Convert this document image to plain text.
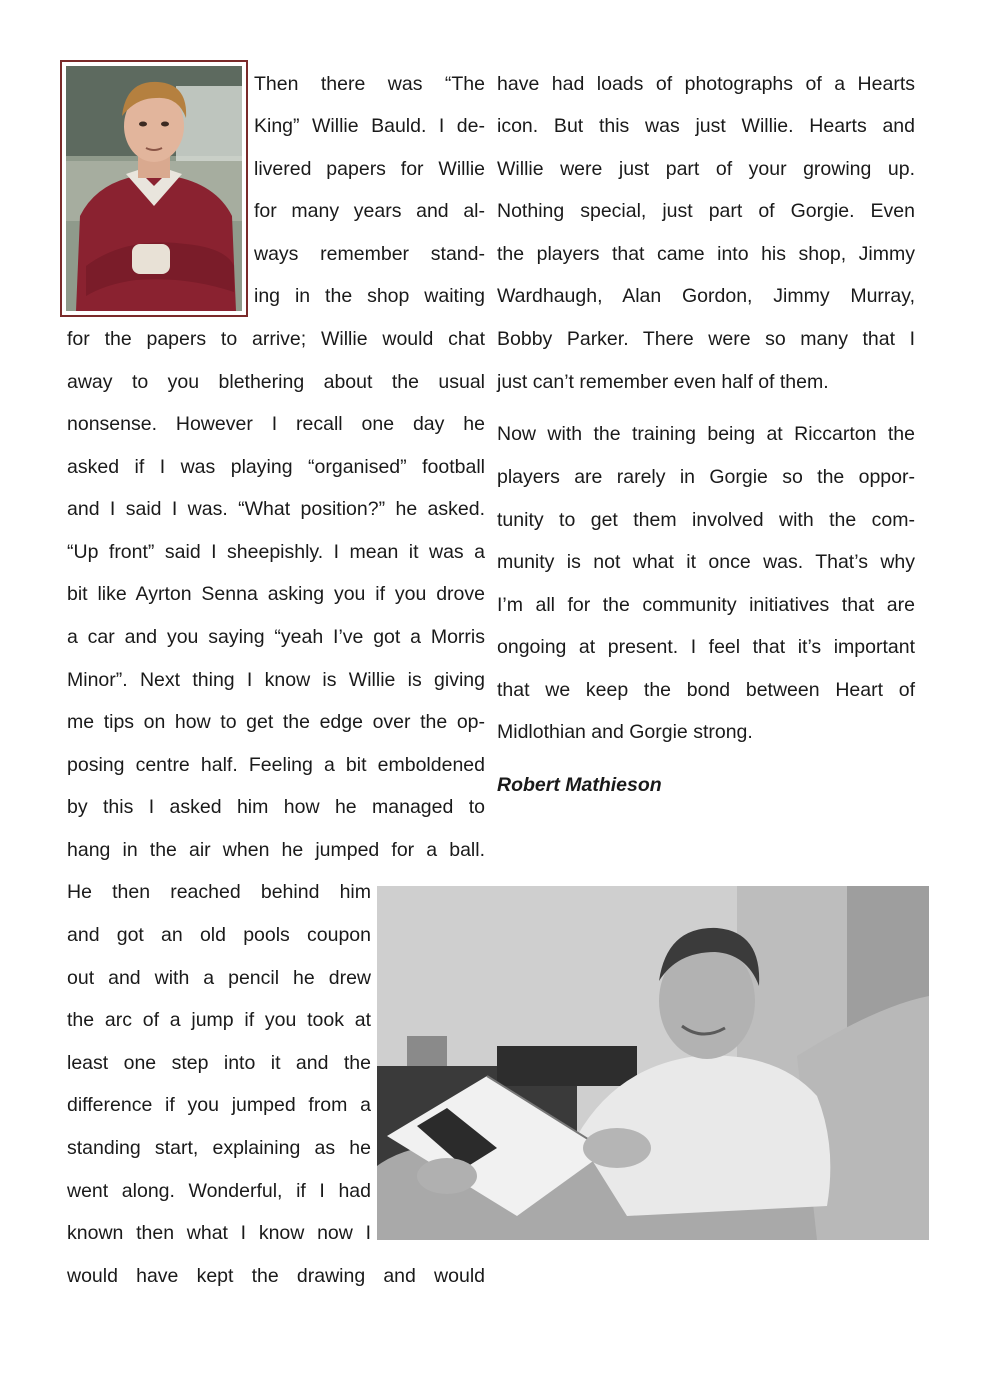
Then there was “The
King” Willie Bauld. I de-
livered papers for Willie
for many years and al-
ways remember stand-
ing in the shop waiting
for the papers to arrive; Willie would chat
away to you blethering about the usual
nonsense. However I recall one day he
asked if I was playing “organised” football
and I said I was. “What position?” he asked.
“Up front” said I sheepishly. I mean it was a
bit like Ayrton Senna asking you if you drove
a car and you saying “yeah I’ve got a Morris
Minor”. Next thing I know is Willie is giving
me tips on how to get the edge over the op-
posing centre half. Feeling a bit emboldened
by this I asked him how he managed to
hang in the air when he jumped for a ball.
He then reached behind him
and got an old pools coupon
out and with a pencil he drew
the arc of a jump if you took at
least one step into it and the
difference if you jumped from a
standing start, explaining as he
went along. Wonderful, if I had
known then what I know now I
would have kept the drawing and would
have had loads of photographs of a Hearts
icon. But this was just Willie. Hearts and
Willie were just part of your growing up.
Nothing special, just part of Gorgie. Even
the players that came into his shop, Jimmy
Wardhaugh, Alan Gordon, Jimmy Murray,
Bobby Parker. There were so many that I
just can’t remember even half of them.
Now with the training being at Riccarton the
players are rarely in Gorgie so the oppor-
tunity to get them involved with the com-
munity is not what it once was. That’s why
I’m all for the community initiatives that are
ongoing at present. I feel that it’s important
that we keep the bond between Heart of
Midlothian and Gorgie strong.
Robert Mathieson
